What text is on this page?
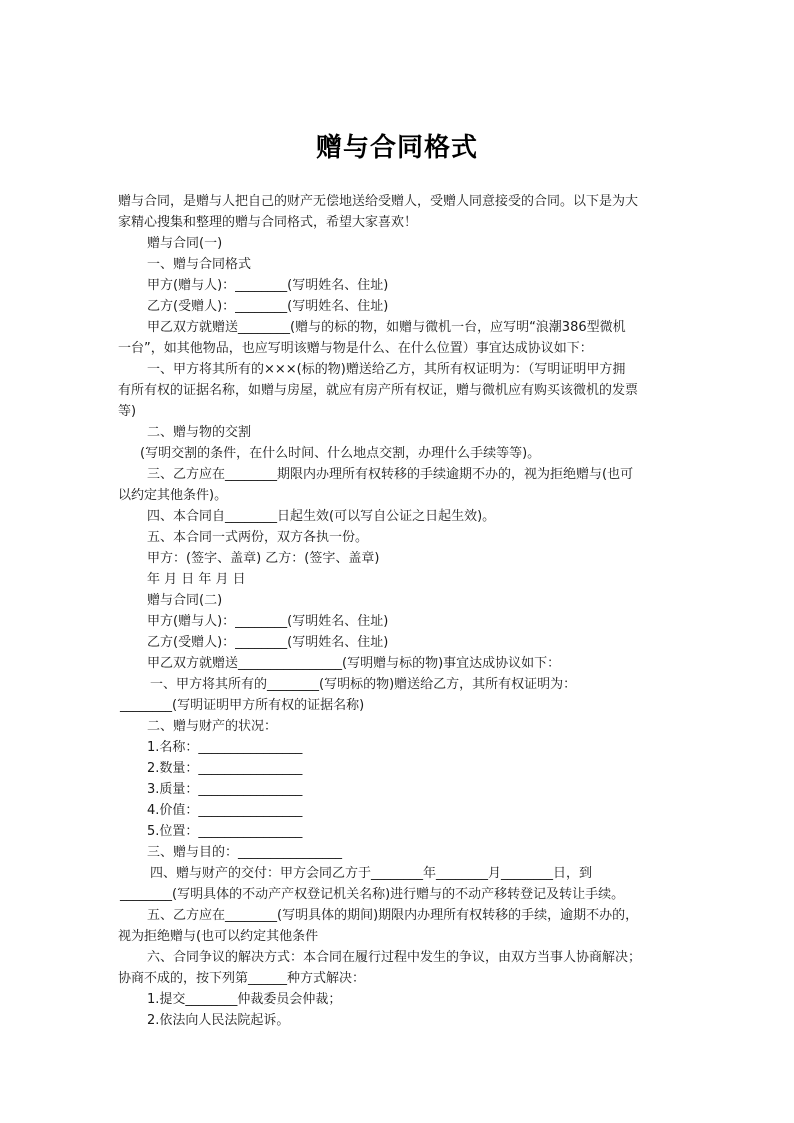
赠与合同格式
赠与合同，是赠与人把自己的财产无偿地送给受赠人，受赠人同意接受的合同。以下是为大
家精心搜集和整理的赠与合同格式，希望大家喜欢！
赠与合同(一)
一、赠与合同格式
甲方(赠与人)：________(写明姓名、住址)
乙方(受赠人)：________(写明姓名、住址)
甲乙双方就赠送________(赠与的标的物，如赠与微机一台，应写明“浪潮386型微机
一台”，如其他物品，也应写明该赠与物是什么、在什么位置）事宜达成协议如下：
一、甲方将其所有的×××(标的物)赠送给乙方，其所有权证明为：（写明证明甲方拥
有所有权的证据名称，如赠与房屋，就应有房产所有权证，赠与微机应有购买该微机的发票
等)
二、赠与物的交割
(写明交割的条件，在什么时间、什么地点交割，办理什么手续等等)。
三、乙方应在________期限内办理所有权转移的手续逾期不办的，视为拒绝赠与(也可
以约定其他条件)。
四、本合同自________日起生效(可以写自公证之日起生效)。
五、本合同一式两份，双方各执一份。
甲方：(签字、盖章) 乙方：(签字、盖章)
年 月 日 年 月 日
赠与合同(二)
甲方(赠与人)：________(写明姓名、住址)
乙方(受赠人)：________(写明姓名、住址)
甲乙双方就赠送________________(写明赠与标的物)事宜达成协议如下：
一、甲方将其所有的________(写明标的物)赠送给乙方，其所有权证明为：
________(写明证明甲方所有权的证据名称)
二、赠与财产的状况：
1.名称：________________
2.数量：________________
3.质量：________________
4.价值：________________
5.位置：________________
三、赠与目的：________________
四、赠与财产的交付：甲方会同乙方于________年________月________日，到
________(写明具体的不动产产权登记机关名称)进行赠与的不动产移转登记及转让手续。
五、乙方应在________(写明具体的期间)期限内办理所有权转移的手续，逾期不办的，
视为拒绝赠与(也可以约定其他条件
六、合同争议的解决方式：本合同在履行过程中发生的争议，由双方当事人协商解决；
协商不成的，按下列第______种方式解决：
1.提交________仲裁委员会仲裁；
2.依法向人民法院起诉。
